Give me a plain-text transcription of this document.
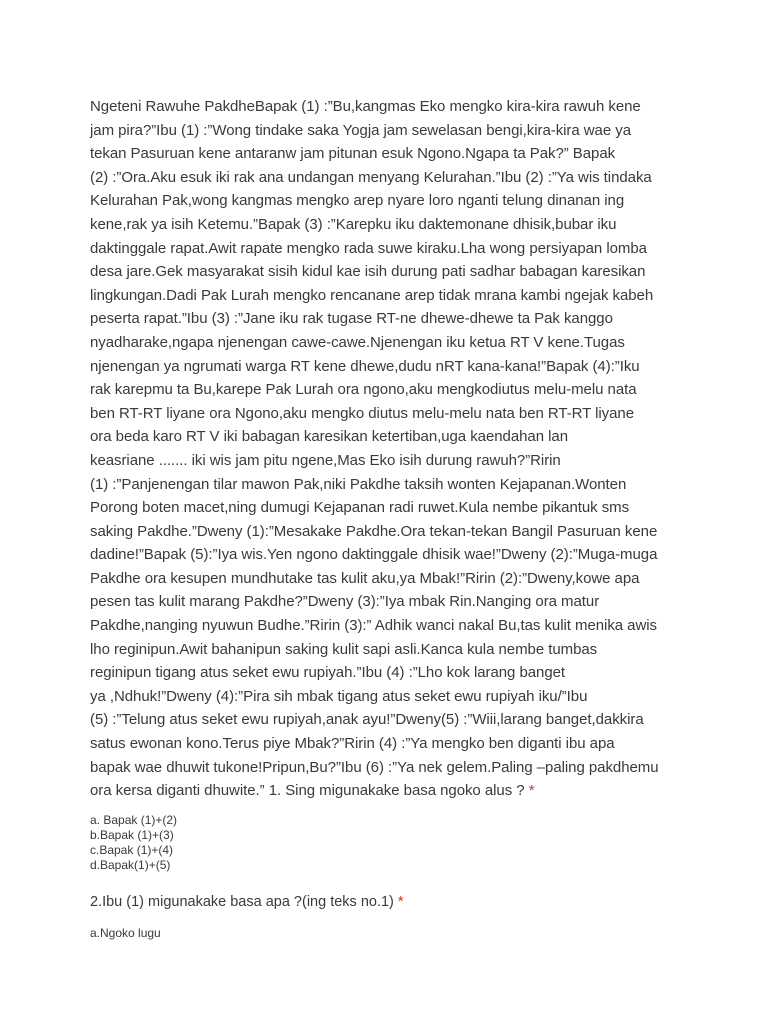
Ngeteni Rawuhe PakdheBapak (1) :”Bu,kangmas Eko mengko kira-kira rawuh kene
jam pira?”Ibu (1) :”Wong tindake saka Yogja jam sewelasan bengi,kira-kira wae ya
tekan Pasuruan kene antaranw jam pitunan esuk Ngono.Ngapa ta Pak?” Bapak
(2) :”Ora.Aku esuk iki rak ana undangan menyang Kelurahan.”Ibu (2) :”Ya wis tindaka
Kelurahan Pak,wong kangmas mengko arep nyare loro nganti telung dinanan ing
kene,rak ya isih Ketemu.”Bapak (3) :”Karepku iku daktemonane dhisik,bubar iku
daktinggale rapat.Awit rapate mengko rada suwe kiraku.Lha wong persiyapan lomba
desa jare.Gek masyarakat sisih kidul kae isih durung pati sadhar babagan karesikan
lingkungan.Dadi Pak Lurah mengko rencanane arep tidak mrana kambi ngejak kabeh
peserta rapat.”Ibu (3) :”Jane iku rak tugase RT-ne dhewe-dhewe ta Pak kanggo
nyadharake,ngapa njenengan cawe-cawe.Njenengan iku ketua RT V kene.Tugas
njenengan ya ngrumati warga RT kene dhewe,dudu nRT kana-kana!”Bapak (4):”Iku
rak karepmu ta Bu,karepe Pak Lurah ora ngono,aku mengkodiutus melu-melu nata
ben RT-RT liyane ora Ngono,aku mengko diutus melu-melu nata ben RT-RT liyane
ora beda karo RT V iki babagan karesikan ketertiban,uga kaendahan lan
keasriane ....... iki wis jam pitu ngene,Mas Eko isih durung rawuh?”Ririn
(1) :”Panjenengan tilar mawon Pak,niki Pakdhe taksih wonten Kejapanan.Wonten
Porong boten macet,ning dumugi Kejapanan radi ruwet.Kula nembe pikantuk sms
saking Pakdhe.”Dweny (1):”Mesakake Pakdhe.Ora tekan-tekan Bangil Pasuruan kene
dadine!”Bapak (5):”Iya wis.Yen ngono daktinggale dhisik wae!”Dweny (2):”Muga-muga
Pakdhe ora kesupen mundhutake tas kulit aku,ya Mbak!”Ririn (2):”Dweny,kowe apa
pesen tas kulit marang Pakdhe?”Dweny (3):”Iya mbak Rin.Nanging ora matur
Pakdhe,nanging nyuwun Budhe.”Ririn (3):” Adhik wanci nakal Bu,tas kulit menika awis
lho reginipun.Awit bahanipun saking kulit sapi asli.Kanca kula nembe tumbas
reginipun tigang atus seket ewu rupiyah.”Ibu (4) :”Lho kok larang banget
ya ,Ndhuk!”Dweny (4):”Pira sih mbak tigang atus seket ewu rupiyah iku/”Ibu
(5) :”Telung atus seket ewu rupiyah,anak ayu!”Dweny(5) :”Wiii,larang banget,dakkira
satus ewonan kono.Terus piye Mbak?”Ririn (4) :”Ya mengko ben diganti ibu apa
bapak wae dhuwit tukone!Pripun,Bu?”Ibu (6) :”Ya nek gelem.Paling –paling pakdhemu
ora kersa diganti dhuwite.” 1. Sing migunakake basa ngoko alus ? *

a. Bapak (1)+(2)
b.Bapak (1)+(3)
c.Bapak (1)+(4)
d.Bapak(1)+(5)

2.Ibu (1) migunakake basa apa ?(ing teks no.1) *

a.Ngoko lugu
